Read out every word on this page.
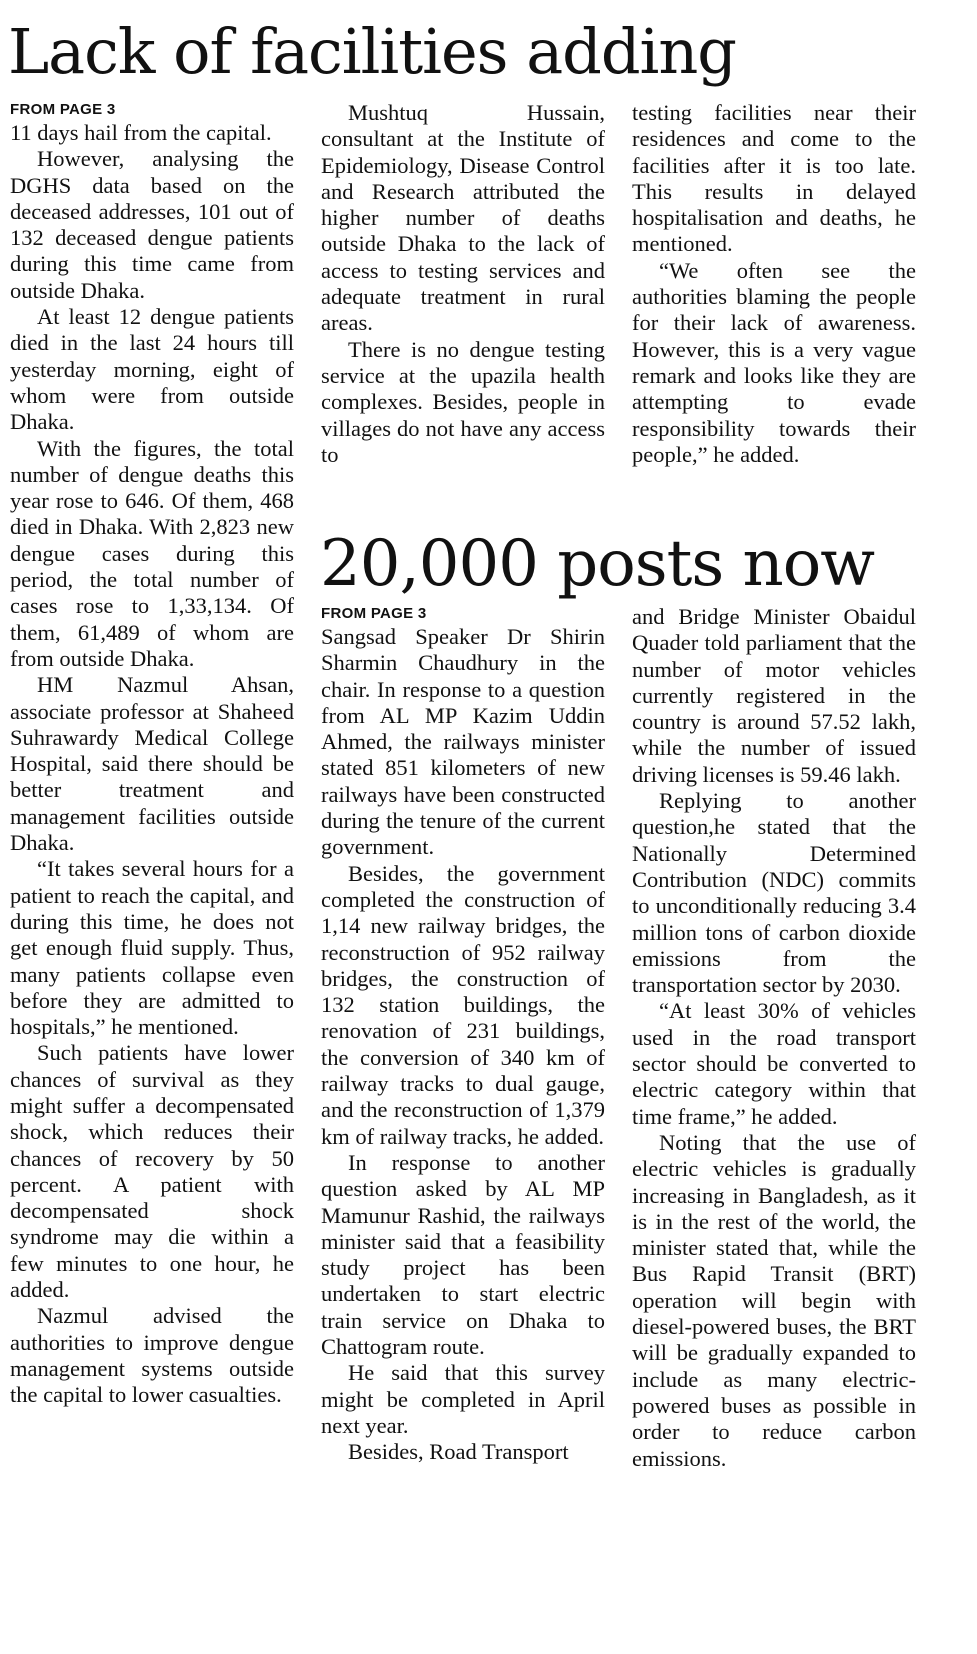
Lack of facilities adding
FROM PAGE 3

11 days hail from the capital.

However, analysing the DGHS data based on the deceased addresses, 101 out of 132 deceased dengue patients during this time came from outside Dhaka.

At least 12 dengue patients died in the last 24 hours till yesterday morning, eight of whom were from outside Dhaka.

With the figures, the total number of dengue deaths this year rose to 646. Of them, 468 died in Dhaka. With 2,823 new dengue cases during this period, the total number of cases rose to 1,33,134. Of them, 61,489 of whom are from outside Dhaka.

HM Nazmul Ahsan, associate professor at Shaheed Suhrawardy Medical College Hospital, said there should be better treatment and management facilities outside Dhaka.

“It takes several hours for a patient to reach the capital, and during this time, he does not get enough fluid supply. Thus, many patients collapse even before they are admitted to hospitals,” he mentioned.

Such patients have lower chances of survival as they might suffer a decompensated shock, which reduces their chances of recovery by 50 percent. A patient with decompensated shock syndrome may die within a few minutes to one hour, he added.

Nazmul advised the authorities to improve dengue management systems outside the capital to lower casualties.

Mushtuq Hussain, consultant at the Institute of Epidemiology, Disease Control and Research attributed the higher number of deaths outside Dhaka to the lack of access to testing services and adequate treatment in rural areas.

There is no dengue testing service at the upazila health complexes. Besides, people in villages do not have any access to

testing facilities near their residences and come to the facilities after it is too late. This results in delayed hospitalisation and deaths, he mentioned.

“We often see the authorities blaming the people for their lack of awareness. However, this is a very vague remark and looks like they are attempting to evade responsibility towards their people,” he added.

20,000 posts now
FROM PAGE 3

Sangsad Speaker Dr Shirin Sharmin Chaudhury in the chair. In response to a question from AL MP Kazim Uddin Ahmed, the railways minister stated 851 kilometers of new railways have been constructed during the tenure of the current government.

Besides, the government completed the construction of 1,14 new railway bridges, the reconstruction of 952 railway bridges, the construction of 132 station buildings, the renovation of 231 buildings, the conversion of 340 km of railway tracks to dual gauge, and the reconstruction of 1,379 km of railway tracks, he added.

In response to another question asked by AL MP Mamunur Rashid, the railways minister said that a feasibility study project has been undertaken to start electric train service on Dhaka to Chattogram route.

He said that this survey might be completed in April next year.

Besides, Road Transport

and Bridge Minister Obaidul Quader told parliament that the number of motor vehicles currently registered in the country is around 57.52 lakh, while the number of issued driving licenses is 59.46 lakh.

Replying to another question,he stated that the Nationally Determined Contribution (NDC) commits to unconditionally reducing 3.4 million tons of carbon dioxide emissions from the transportation sector by 2030.

“At least 30% of vehicles used in the road transport sector should be converted to electric category within that time frame,” he added.

Noting that the use of electric vehicles is gradually increasing in Bangladesh, as it is in the rest of the world, the minister stated that, while the Bus Rapid Transit (BRT) operation will begin with diesel-powered buses, the BRT will be gradually expanded to include as many electric-powered buses as possible in order to reduce carbon emissions.
